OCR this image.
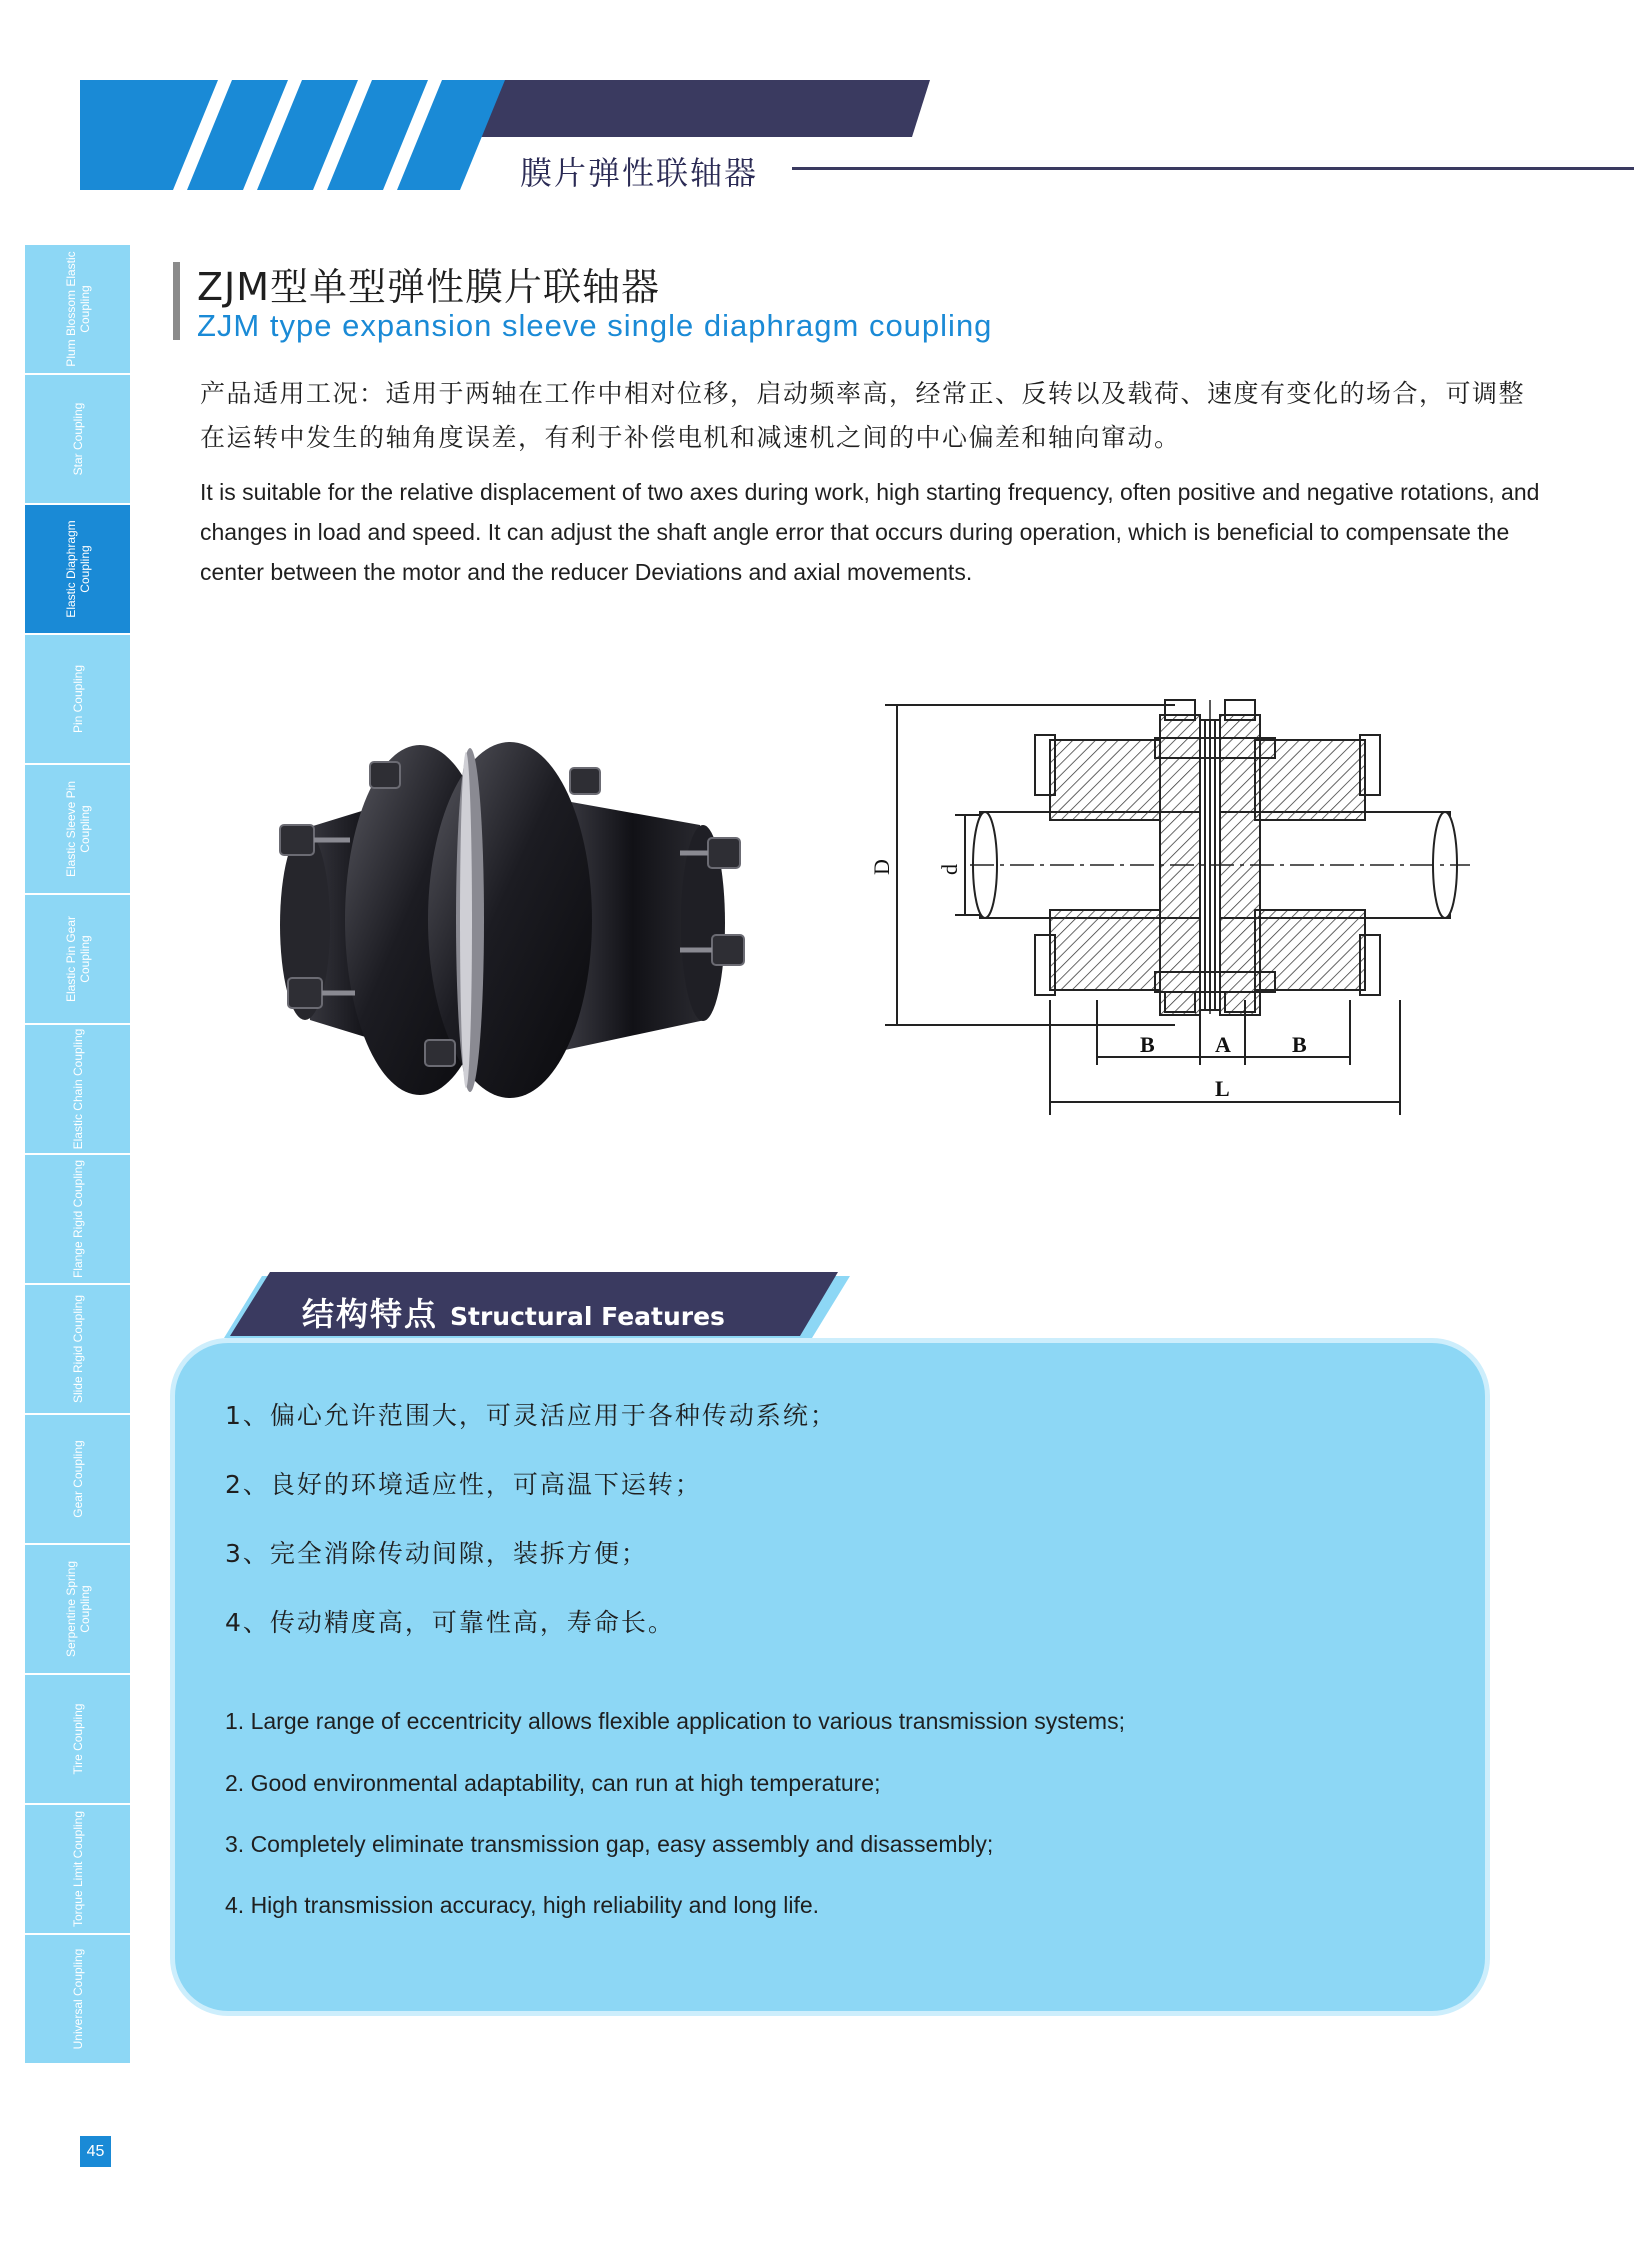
膜片弹性联轴器
Plum Blossom Elastic Coupling
Star Coupling
Elastic Diaphragm Coupling
Pin Coupling
Elastic Sleeve Pin Coupling
Elastic Pin Gear Coupling
Elastic Chain Coupling
Flange Rigid Coupling
Slide Rigid Coupling
Gear Coupling
Serpentine Spring Coupling
Tire Coupling
Torque Limit Coupling
Universal Coupling
45
ZJM型单型弹性膜片联轴器
ZJM type expansion sleeve single diaphragm coupling
产品适用工况：适用于两轴在工作中相对位移，启动频率高，经常正、反转以及载荷、速度有变化的场合，可调整在运转中发生的轴角度误差，有利于补偿电机和减速机之间的中心偏差和轴向窜动。
It is suitable for the relative displacement of two axes during work, high starting frequency, often positive and negative rotations, and changes in load and speed. It can adjust the shaft angle error that occurs during operation, which is beneficial to compensate the center between the motor and the reducer Deviations and axial movements.
D d
B	A	B
L
结构特点 Structural Features
1、偏心允许范围大，可灵活应用于各种传动系统；
2、良好的环境适应性，可高温下运转；
3、完全消除传动间隙，装拆方便；
4、传动精度高，可靠性高，寿命长。
1. Large range of eccentricity allows flexible application to various transmission systems;
2. Good environmental adaptability, can run at high temperature;
3. Completely eliminate transmission gap, easy assembly and disassembly;
4. High transmission accuracy, high reliability and long life.
